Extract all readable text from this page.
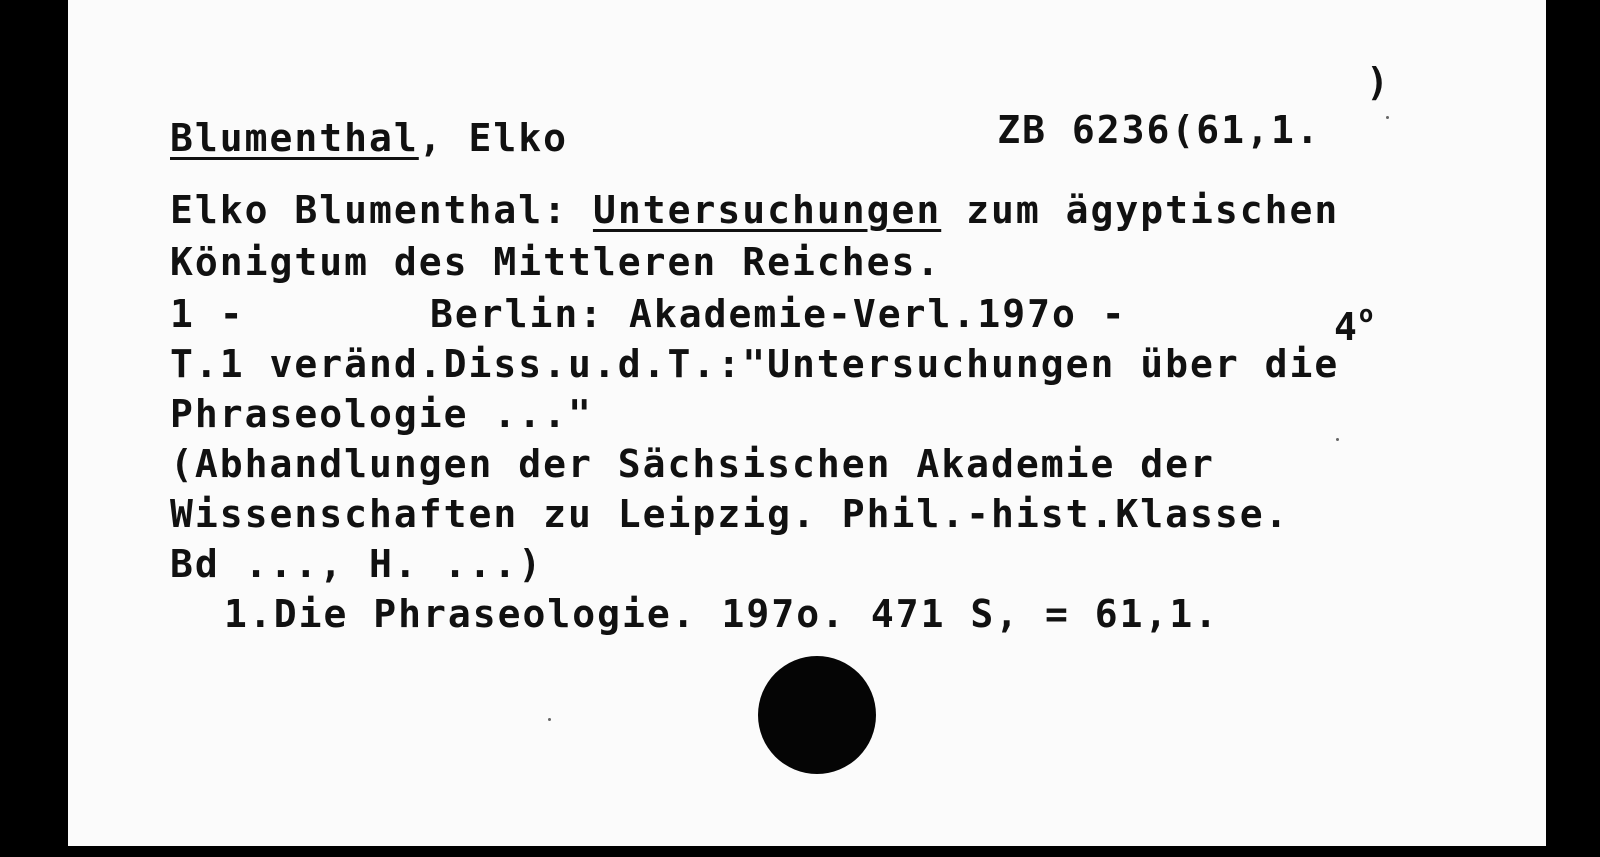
ZB 6236(61,1.

)
Blumenthal, Elko
Elko Blumenthal: Untersuchungen zum ägyptischen
Königtum des Mittleren Reiches.
1 -	Berlin: Akademie-Verl.197o -	4$^o$
T.1 veränd.Diss.u.d.T.:"Untersuchungen über die
Phraseologie ..."
(Abhandlungen der Sächsischen Akademie der
Wissenschaften zu Leipzig. Phil.-hist.Klasse.
Bd ..., H. ...)
1.Die Phraseologie. 197o. 471 S, = 61,1.
